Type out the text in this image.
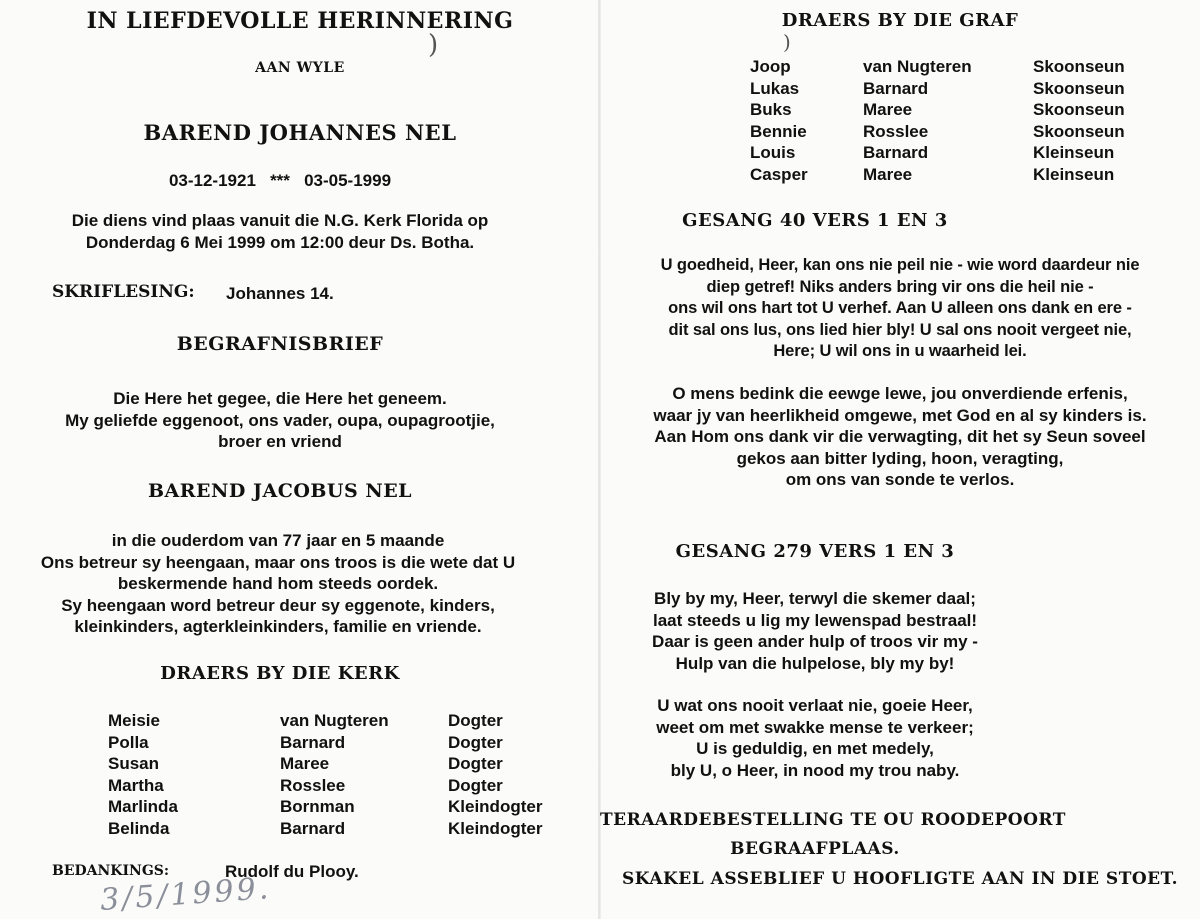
IN LIEFDEVOLLE HERINNERING
)
AAN WYLE
BAREND JOHANNES NEL
03-12-1921   ***   03-05-1999
Die diens vind plaas vanuit die N.G. Kerk Florida op
Donderdag 6 Mei 1999 om 12:00 deur Ds. Botha.
SKRIFLESING: Johannes 14.
BEGRAFNISBRIEF
Die Here het gegee, die Here het geneem.
My geliefde eggenoot, ons vader, oupa, oupagrootjie,
broer en vriend
BAREND JACOBUS NEL
in die ouderdom van 77 jaar en 5 maande
Ons betreur sy heengaan, maar ons troos is die wete dat U
beskermende hand hom steeds oordek.
Sy heengaan word betreur deur sy eggenote, kinders,
kleinkinders, agterkleinkinders, familie en vriende.
DRAERS BY DIE KERK
Meisie	van Nugteren	Dogter
Polla	Barnard	Dogter
Susan	Maree	Dogter
Martha	Rosslee	Dogter
Marlinda	Bornman	Kleindogter
Belinda	Barnard	Kleindogter
BEDANKINGS:	Rudolf du Plooy.
3/5/1999.
DRAERS BY DIE GRAF
)
Joop	van Nugteren	Skoonseun
Lukas	Barnard	Skoonseun
Buks	Maree	Skoonseun
Bennie	Rosslee	Skoonseun
Louis	Barnard	Kleinseun
Casper	Maree	Kleinseun
GESANG 40 VERS 1 EN 3
U goedheid, Heer, kan ons nie peil nie - wie word daardeur nie
diep getref! Niks anders bring vir ons die heil nie -
ons wil ons hart tot U verhef. Aan U alleen ons dank en ere -
dit sal ons lus, ons lied hier bly! U sal ons nooit vergeet nie,
Here; U wil ons in u waarheid lei.
O mens bedink die eewge lewe, jou onverdiende erfenis,
waar jy van heerlikheid omgewe, met God en al sy kinders is.
Aan Hom ons dank vir die verwagting, dit het sy Seun soveel
gekos aan bitter lyding, hoon, veragting,
om ons van sonde te verlos.
GESANG 279 VERS 1 EN 3
Bly by my, Heer, terwyl die skemer daal;
laat steeds u lig my lewenspad bestraal!
Daar is geen ander hulp of troos vir my -
Hulp van die hulpelose, bly my by!
U wat ons nooit verlaat nie, goeie Heer,
weet om met swakke mense te verkeer;
U is geduldig, en met medely,
bly U, o Heer, in nood my trou naby.
TERAARDEBESTELLING TE OU ROODEPOORT
BEGRAAFPLAAS.
SKAKEL ASSEBLIEF U HOOFLIGTE AAN IN DIE STOET.
